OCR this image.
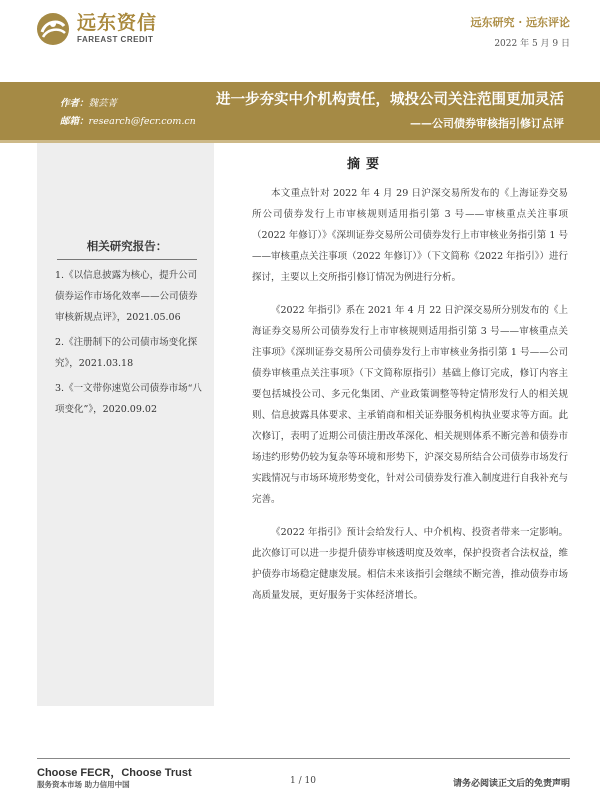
远东资信
FAREAST CREDIT
远东研究 · 远东评论
2022 年 5 月 9 日
作者：魏芸菁
邮箱：research@fecr.com.cn
进一步夯实中介机构责任，城投公司关注范围更加灵活
——公司债券审核指引修订点评
相关研究报告：
1.《以信息披露为核心，提升公司债券运作市场化效率——公司债券审核新规点评》，2021.05.06
2.《注册制下的公司债市场变化探究》，2021.03.18
3.《一文带你速览公司债券市场“八项变化”》，2020.09.02
摘要

本文重点针对 2022 年 4 月 29 日沪深交易所发布的《上海证券交易所公司债券发行上市审核规则适用指引第 3 号——审核重点关注事项（2022 年修订）》《深圳证券交易所公司债券发行上市审核业务指引第 1 号——审核重点关注事项（2022 年修订）》（下文简称《2022 年指引》）进行探讨，主要以上交所指引修订情况为例进行分析。

《2022 年指引》系在 2021 年 4 月 22 日沪深交易所分别发布的《上海证券交易所公司债券发行上市审核规则适用指引第 3 号——审核重点关注事项》《深圳证券交易所公司债券发行上市审核业务指引第 1 号——公司债券审核重点关注事项》（下文简称原指引）基础上修订完成，修订内容主要包括城投公司、多元化集团、产业政策调整等特定情形发行人的相关规则、信息披露具体要求、主承销商和相关证券服务机构执业要求等方面。此次修订，表明了近期公司债注册改革深化、相关规则体系不断完善和债券市场违约形势仍较为复杂等环境和形势下，沪深交易所结合公司债券市场发行实践情况与市场环境形势变化，针对公司债券发行准入制度进行自我补充与完善。

《2022 年指引》预计会给发行人、中介机构、投资者带来一定影响。此次修订可以进一步提升债券审核透明度及效率，保护投资者合法权益，维护债券市场稳定健康发展。相信未来该指引会继续不断完善，推动债券市场高质量发展，更好服务于实体经济增长。

Choose FECR，Choose Trust
服务资本市场 助力信用中国	1 / 10	请务必阅读正文后的免责声明
